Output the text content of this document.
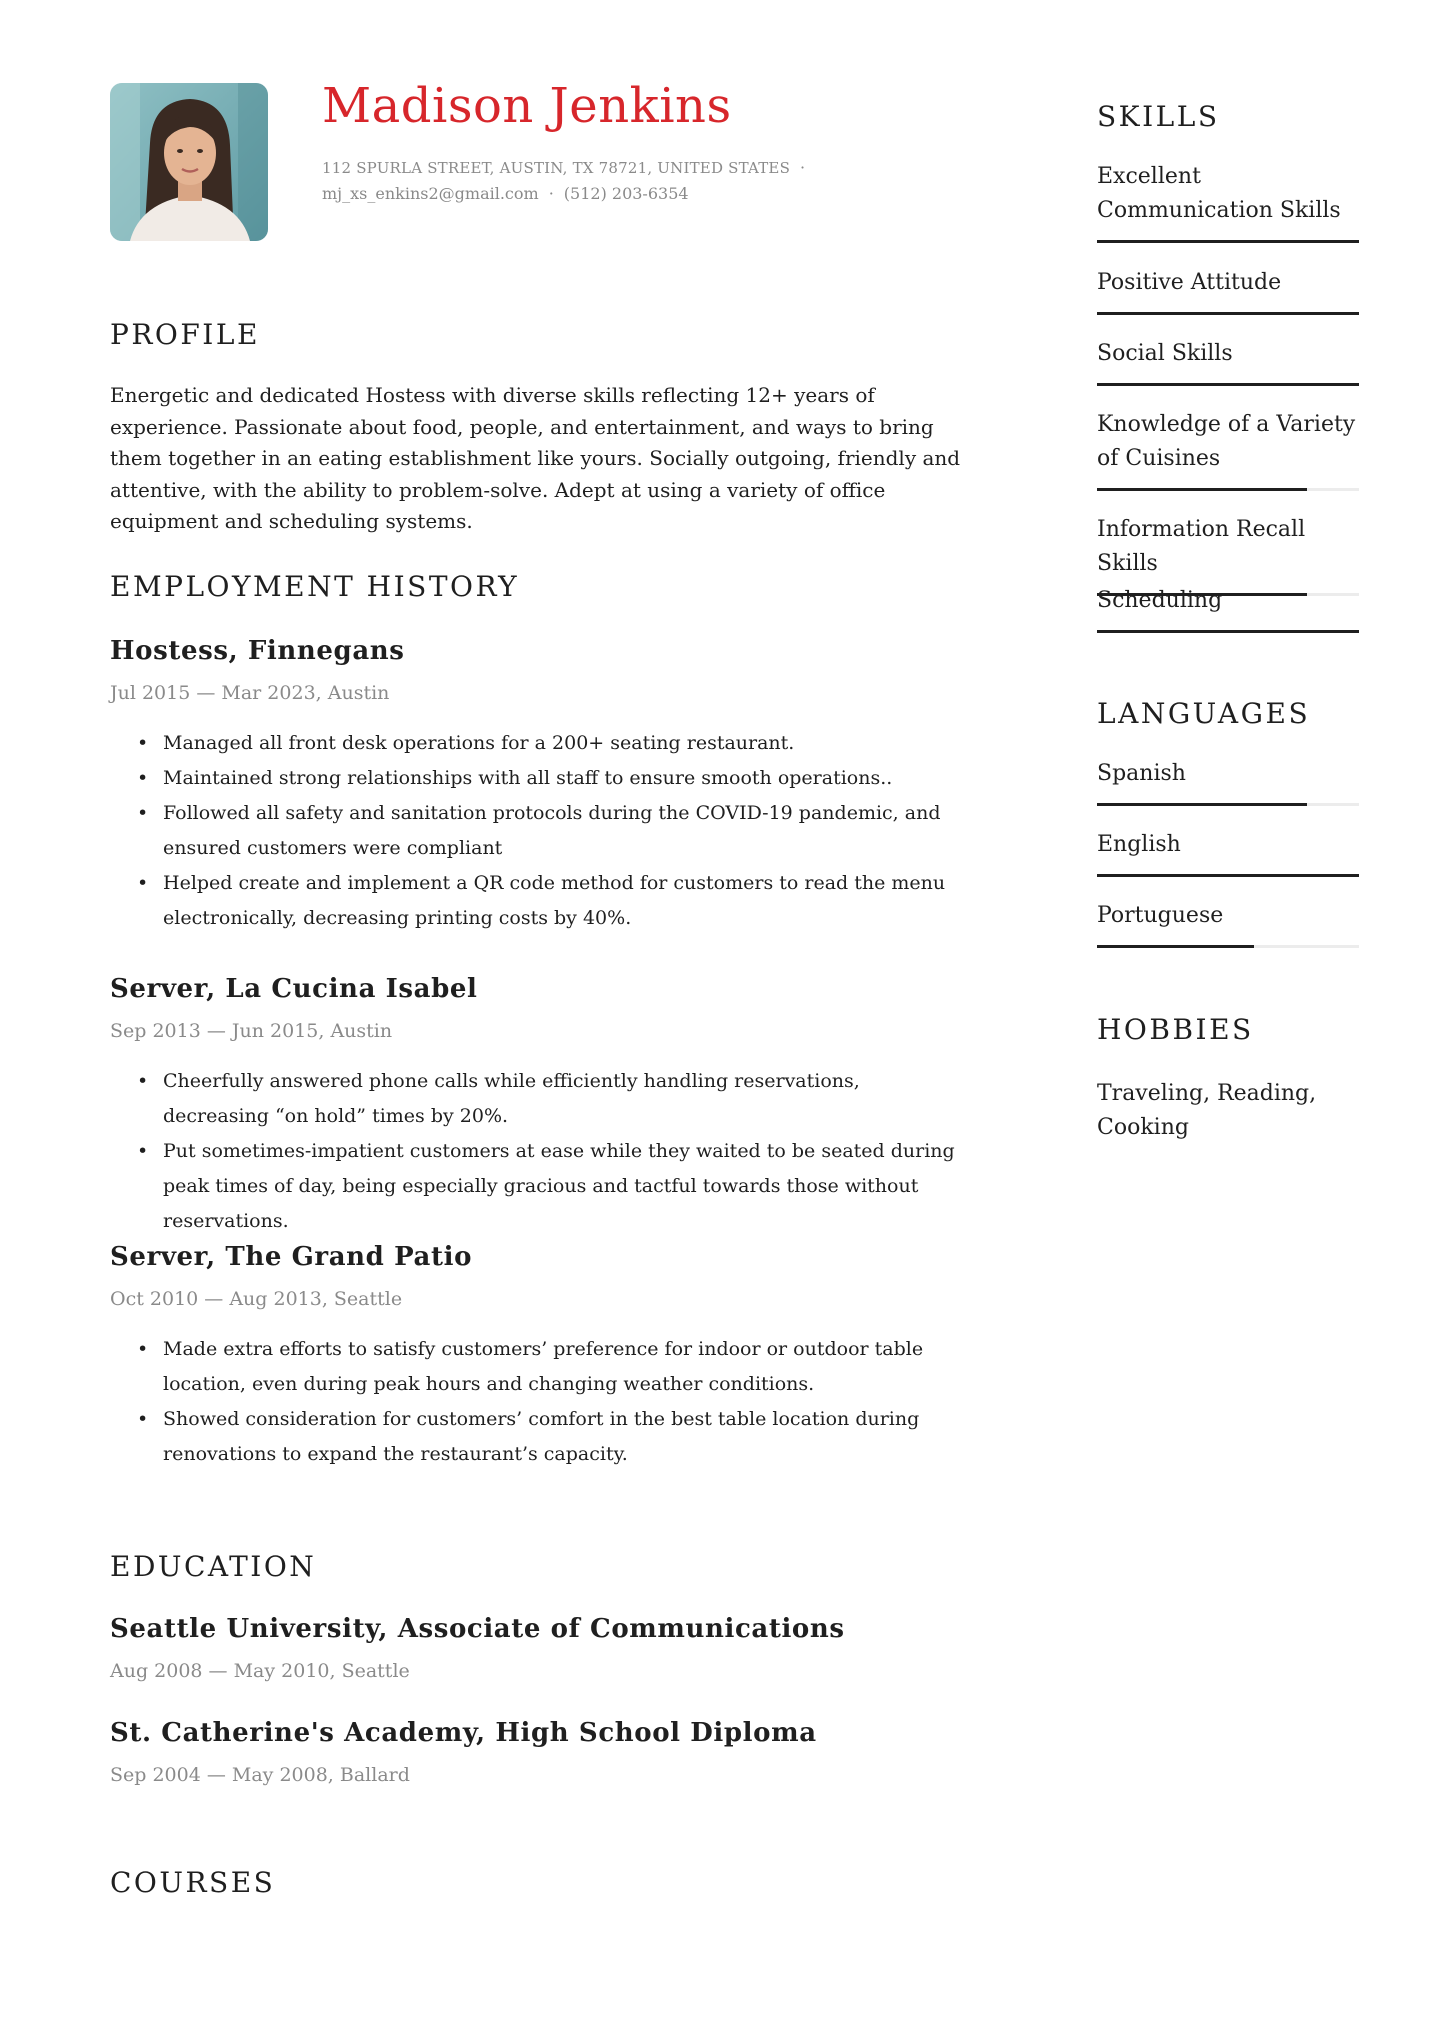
Madison Jenkins
112 SPURLA STREET, AUSTIN, TX 78721, UNITED STATES ·
mj_xs_enkins2@gmail.com · (512) 203-6354
PROFILE

Energetic and dedicated Hostess with diverse skills reflecting 12+ years of experience. Passionate about food, people, and entertainment, and ways to bring them together in an eating establishment like yours. Socially outgoing, friendly and attentive, with the ability to problem-solve. Adept at using a variety of office equipment and scheduling systems.

EMPLOYMENT HISTORY
Hostess, Finnegans
Jul 2015 — Mar 2023, Austin
• Managed all front desk operations for a 200+ seating restaurant.
• Maintained strong relationships with all staff to ensure smooth operations..
• Followed all safety and sanitation protocols during the COVID-19 pandemic, and ensured customers were compliant
• Helped create and implement a QR code method for customers to read the menu electronically, decreasing printing costs by 40%.
Server, La Cucina Isabel
Sep 2013 — Jun 2015, Austin
• Cheerfully answered phone calls while efficiently handling reservations, decreasing “on hold” times by 20%.
• Put sometimes-impatient customers at ease while they waited to be seated during peak times of day, being especially gracious and tactful towards those without reservations.
Server, The Grand Patio
Oct 2010 — Aug 2013, Seattle
• Made extra efforts to satisfy customers’ preference for indoor or outdoor table location, even during peak hours and changing weather conditions.
• Showed consideration for customers’ comfort in the best table location during renovations to expand the restaurant’s capacity.
EDUCATION
Seattle University, Associate of Communications
Aug 2008 — May 2010, Seattle
St. Catherine's Academy, High School Diploma
Sep 2004 — May 2008, Ballard
COURSES
SKILLS
Excellent Communication Skills
Positive Attitude
Social Skills
Knowledge of a Variety of Cuisines
Information Recall Skills
Scheduling
LANGUAGES
Spanish
English
Portuguese
HOBBIES
Traveling, Reading, Cooking
